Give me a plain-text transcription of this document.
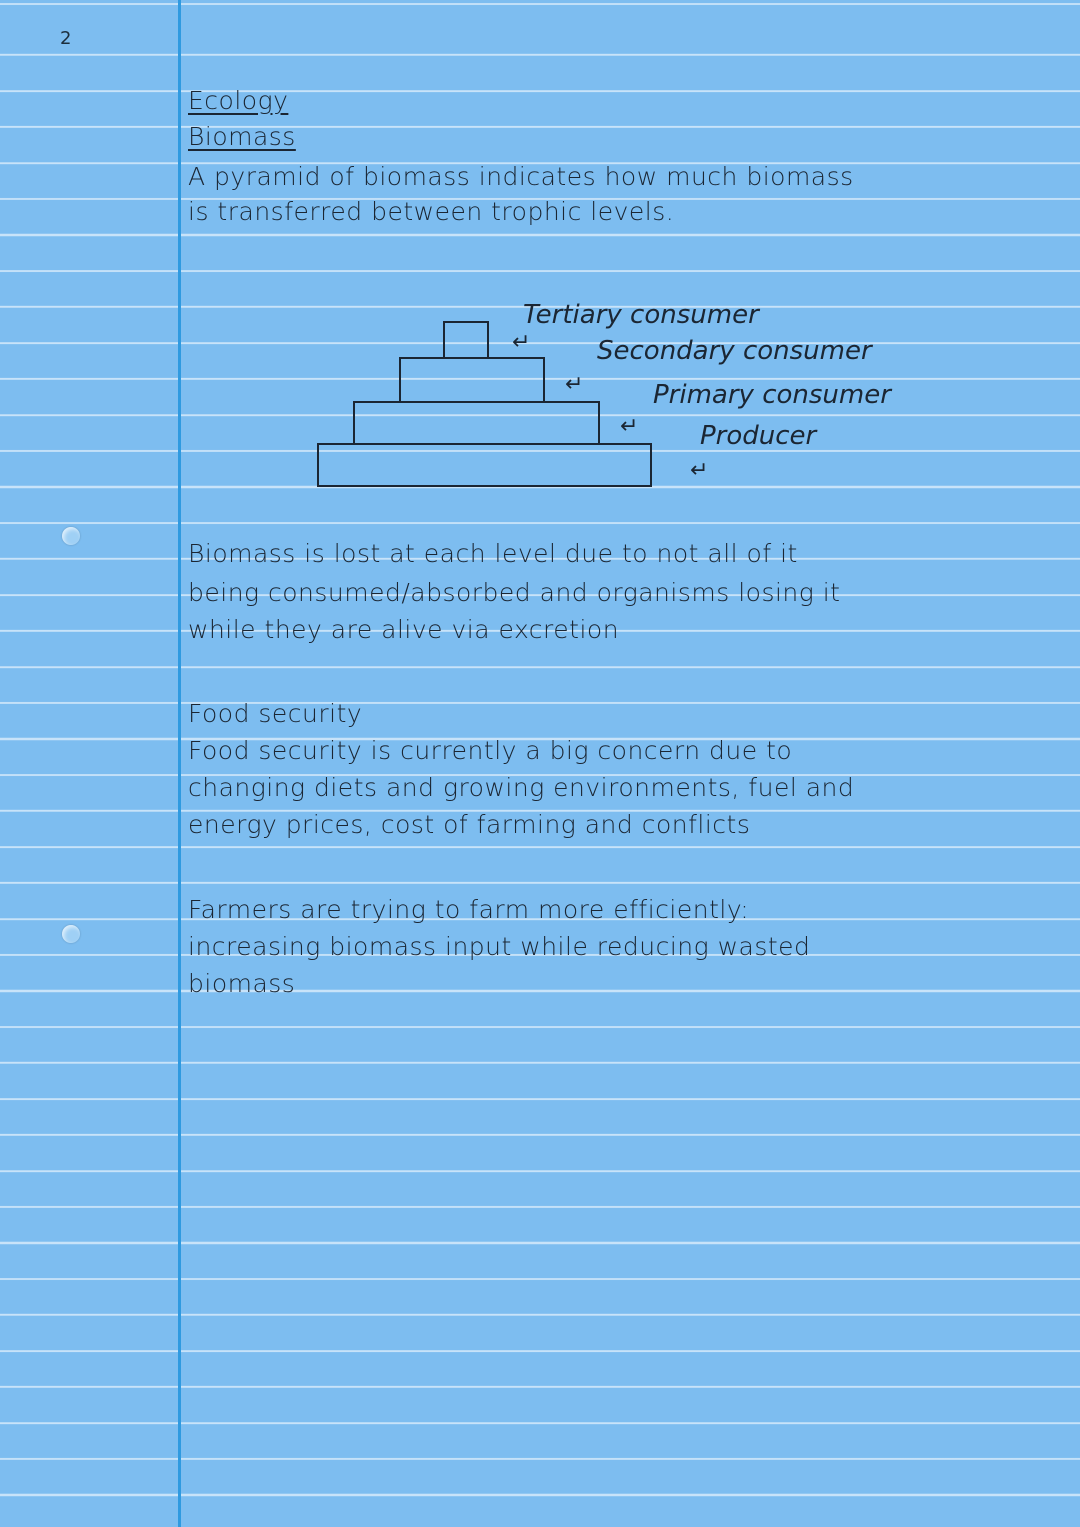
2
Ecology
Biomass
A pyramid of biomass indicates how much biomass
is transferred between trophic levels.
Tertiary consumer
↵	Secondary consumer
↵	Primary consumer
↵ Producer
↵
Biomass is lost at each level due to not all of it
being consumed/absorbed and organisms losing it
while they are alive via excretion
Food security
Food security is currently a big concern due to
changing diets and growing environments, fuel and
energy prices, cost of farming and conflicts
Farmers are trying to farm more efficiently:
increasing biomass input while reducing wasted
biomass
